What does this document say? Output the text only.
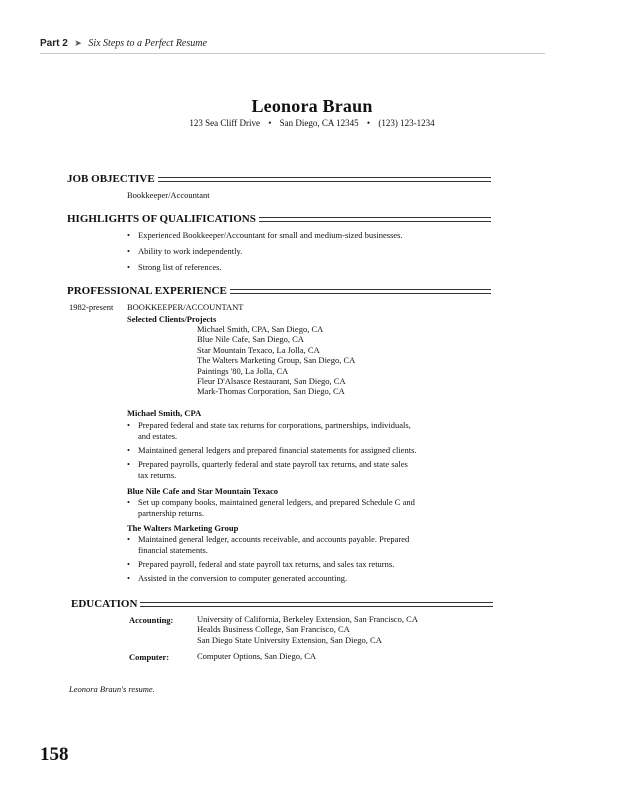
Part 2 ➤ Six Steps to a Perfect Resume
Leonora Braun
123 Sea Cliff Drive • San Diego, CA 12345 • (123) 123-1234
JOB OBJECTIVE
Bookkeeper/Accountant
HIGHLIGHTS OF QUALIFICATIONS
• Experienced Bookkeeper/Accountant for small and medium-sized businesses.
• Ability to work independently.
• Strong list of references.
PROFESSIONAL EXPERIENCE
1982-present BOOKKEEPER/ACCOUNTANT
Selected Clients/Projects
Michael Smith, CPA, San Diego, CA
Blue Nile Cafe, San Diego, CA
Star Mountain Texaco, La Jolla, CA
The Walters Marketing Group, San Diego, CA
Paintings '80, La Jolla, CA
Fleur D'Alsasce Restaurant, San Diego, CA
Mark-Thomas Corporation, San Diego, CA
Michael Smith, CPA
• Prepared federal and state tax returns for corporations, partnerships, individuals,
and estates.
• Maintained general ledgers and prepared financial statements for assigned clients.
• Prepared payrolls, quarterly federal and state payroll tax returns, and state sales
tax returns.
Blue Nile Cafe and Star Mountain Texaco
• Set up company books, maintained general ledgers, and prepared Schedule C and
partnership returns.
The Walters Marketing Group
• Maintained general ledger, accounts receivable, and accounts payable. Prepared
financial statements.
• Prepared payroll, federal and state payroll tax returns, and sales tax returns.
• Assisted in the conversion to computer generated accounting.
EDUCATION
Accounting:	University of California, Berkeley Extension, San Francisco, CA
Healds Business College, San Francisco, CA
San Diego State University Extension, San Diego, CA
Computer:	Computer Options, San Diego, CA
Leonora Braun's resume.
158
